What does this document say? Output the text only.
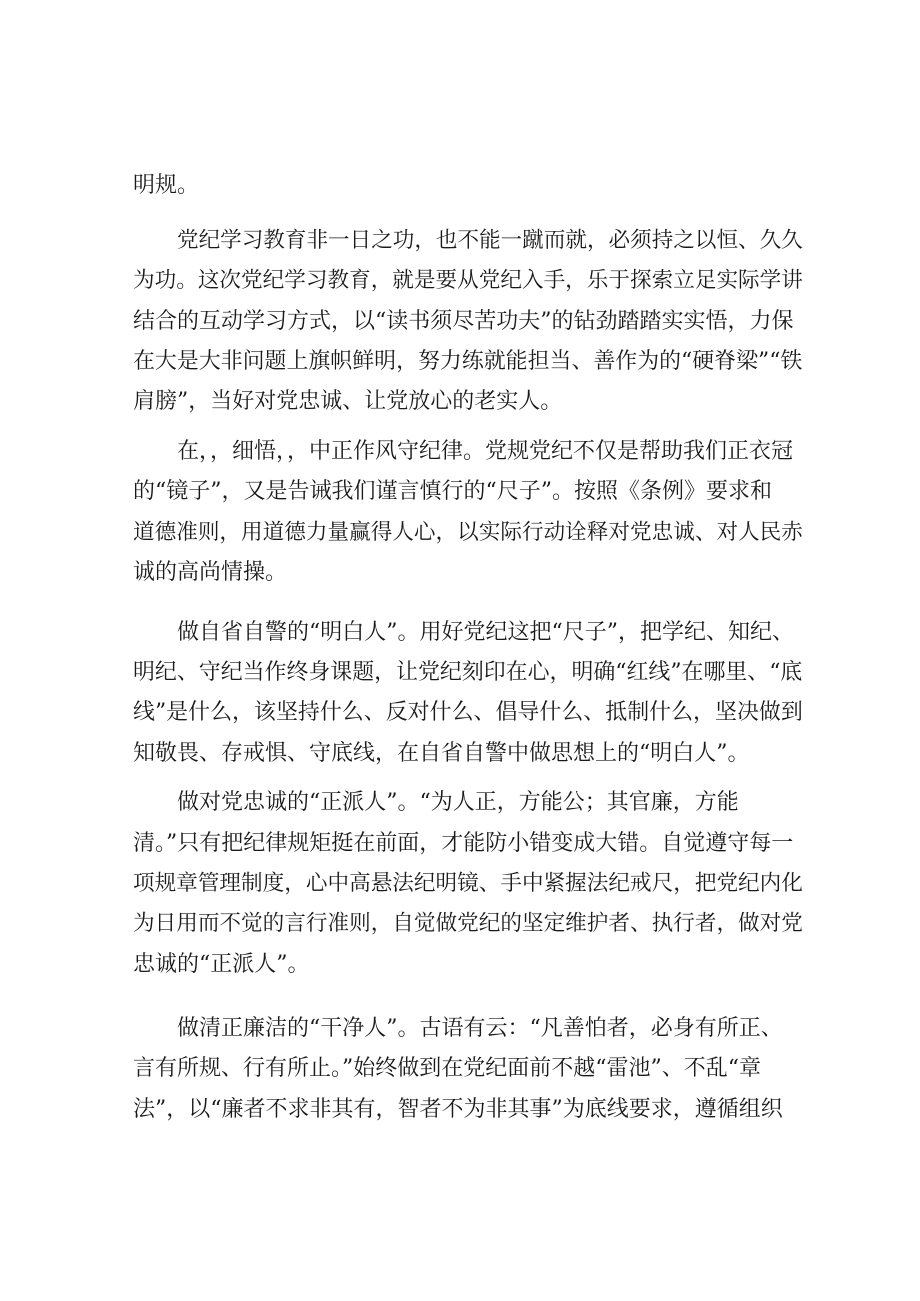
明规。
党纪学习教育非一日之功，也不能一蹴而就，必须持之以恒、久久
为功。这次党纪学习教育，就是要从党纪入手，乐于探索立足实际学讲
结合的互动学习方式，以“读书须尽苦功夫”的钻劲踏踏实实悟，力保
在大是大非问题上旗帜鲜明，努力练就能担当、善作为的“硬脊梁”“铁
肩膀”，当好对党忠诚、让党放心的老实人。
在，，细悟，，中正作风守纪律。党规党纪不仅是帮助我们正衣冠
的“镜子”，又是告诫我们谨言慎行的“尺子”。按照《条例》要求和
道德准则，用道德力量赢得人心，以实际行动诠释对党忠诚、对人民赤
诚的高尚情操。
做自省自警的“明白人”。用好党纪这把“尺子”，把学纪、知纪、
明纪、守纪当作终身课题，让党纪刻印在心，明确“红线”在哪里、“底
线”是什么，该坚持什么、反对什么、倡导什么、抵制什么，坚决做到
知敬畏、存戒惧、守底线，在自省自警中做思想上的“明白人”。
做对党忠诚的“正派人”。“为人正，方能公；其官廉，方能
清。”只有把纪律规矩挺在前面，才能防小错变成大错。自觉遵守每一
项规章管理制度，心中高悬法纪明镜、手中紧握法纪戒尺，把党纪内化
为日用而不觉的言行准则，自觉做党纪的坚定维护者、执行者，做对党
忠诚的“正派人”。
做清正廉洁的“干净人”。古语有云：“凡善怕者，必身有所正、
言有所规、行有所止。”始终做到在党纪面前不越“雷池”、不乱“章
法”，以“廉者不求非其有，智者不为非其事”为底线要求，遵循组织
